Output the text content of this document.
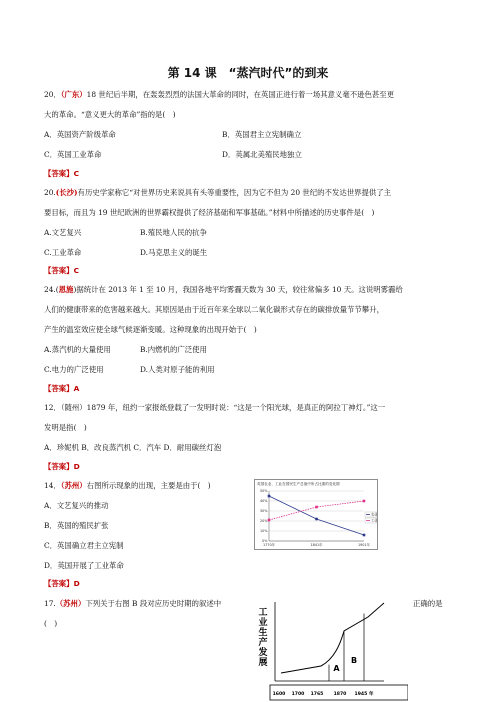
第 14 课　“蒸汽时代”的到来
20．（广东）18 世纪后半期，在轰轰烈烈的法国大革命的同时，在英国正进行着一场其意义毫不逊色甚至更
大的革命。“意义更大的革命”指的是(　)
A．英国资产阶级革命	B．英国君主立宪制确立
C．英国工业革命	D．英属北美殖民地独立
【答案】C
20.(长沙)有历史学家称它“对世界历史来说具有头等重要性，因为它不但为 20 世纪的不发达世界提供了主
要目标，而且为 19 世纪欧洲的世界霸权提供了经济基础和军事基础。”材料中所描述的历史事件是(　)
A.文艺复兴	B.殖民地人民的抗争
C.工业革命	D.马克思主义的诞生
【答案】C
24.(恩施)据统计在 2013 年 1 至 10 月，我国各地平均雾霾天数为 30 天，较往常偏多 10 天。这说明雾霾给
人们的健康带来的危害越来越大。其原因是由于近百年来全球以二氧化碳形式存在的碳排放量节节攀升，
产生的温室效应使全球气候逐渐变暖。这种现象的出现开始于(　)
A.蒸汽机的大量使用	B.内燃机的广泛使用
C.电力的广泛使用	D.人类对原子能的利用
【答案】A
12．（随州）1879 年，纽约一家报纸登载了一发明时说：“这是一个阳光球，是真正的阿拉丁神灯。”这一
发明是指(　)
A．珍妮机 B．改良蒸汽机 C．汽车 D．耐用碳丝灯泡
【答案】D
14．（苏州）右图所示现象的出现，主要是由于(　)
A．文艺复兴的推动
B．英国的殖民扩张
C．英国确立君主立宪制
D．英国开展了工业革命
【答案】D
17.（苏州）下列关于右图 B 段对应历史时期的叙述中	正确的是
(　)
英国农业、工业在国民生产总值中所占比重的变化图
50%
40%
30%
20%
10%
0%
1770年	1841年	1901年
农业
工业
工
业
生
产
发
展
A
B
1600 1700 1765 1870 1945 年
